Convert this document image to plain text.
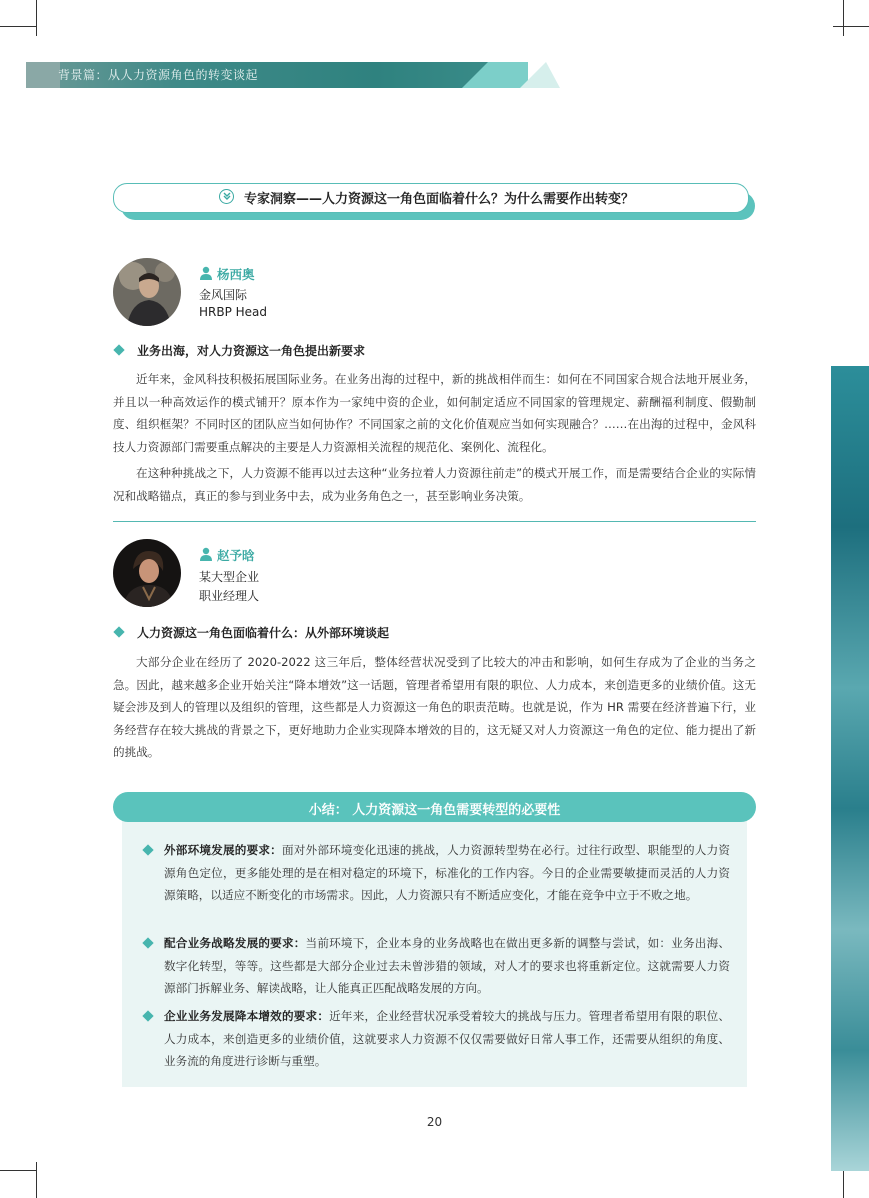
背景篇：从人力资源角色的转变谈起
专家洞察——人力资源这一角色面临着什么？为什么需要作出转变？
杨西奥
金风国际
HRBP Head
业务出海，对人力资源这一角色提出新要求

近年来，金风科技积极拓展国际业务。在业务出海的过程中，新的挑战相伴而生：如何在不同国家合规合法地开展业务，并且以一种高效运作的模式铺开？原本作为一家纯中资的企业，如何制定适应不同国家的管理规定、薪酬福利制度、假勤制度、组织框架？不同时区的团队应当如何协作？不同国家之前的文化价值观应当如何实现融合？……在出海的过程中，金风科技人力资源部门需要重点解决的主要是人力资源相关流程的规范化、案例化、流程化。

在这种种挑战之下，人力资源不能再以过去这种“业务拉着人力资源往前走”的模式开展工作，而是需要结合企业的实际情况和战略锚点，真正的参与到业务中去，成为业务角色之一，甚至影响业务决策。

赵予晗
某大型企业
职业经理人
人力资源这一角色面临着什么：从外部环境谈起

大部分企业在经历了 2020-2022 这三年后，整体经营状况受到了比较大的冲击和影响，如何生存成为了企业的当务之急。因此，越来越多企业开始关注“降本增效”这一话题，管理者希望用有限的职位、人力成本，来创造更多的业绩价值。这无疑会涉及到人的管理以及组织的管理，这些都是人力资源这一角色的职责范畴。也就是说，作为 HR 需要在经济普遍下行，业务经营存在较大挑战的背景之下，更好地助力企业实现降本增效的目的，这无疑又对人力资源这一角色的定位、能力提出了新的挑战。

小结： 人力资源这一角色需要转型的必要性
外部环境发展的要求：面对外部环境变化迅速的挑战，人力资源转型势在必行。过往行政型、职能型的人力资源角色定位，更多能处理的是在相对稳定的环境下，标准化的工作内容。今日的企业需要敏捷而灵活的人力资源策略，以适应不断变化的市场需求。因此，人力资源只有不断适应变化，才能在竞争中立于不败之地。
配合业务战略发展的要求：当前环境下，企业本身的业务战略也在做出更多新的调整与尝试，如：业务出海、数字化转型，等等。这些都是大部分企业过去未曾涉猎的领域，对人才的要求也将重新定位。这就需要人力资源部门拆解业务、解读战略，让人能真正匹配战略发展的方向。
企业业务发展降本增效的要求：近年来，企业经营状况承受着较大的挑战与压力。管理者希望用有限的职位、人力成本，来创造更多的业绩价值，这就要求人力资源不仅仅需要做好日常人事工作，还需要从组织的角度、业务流的角度进行诊断与重塑。
20
